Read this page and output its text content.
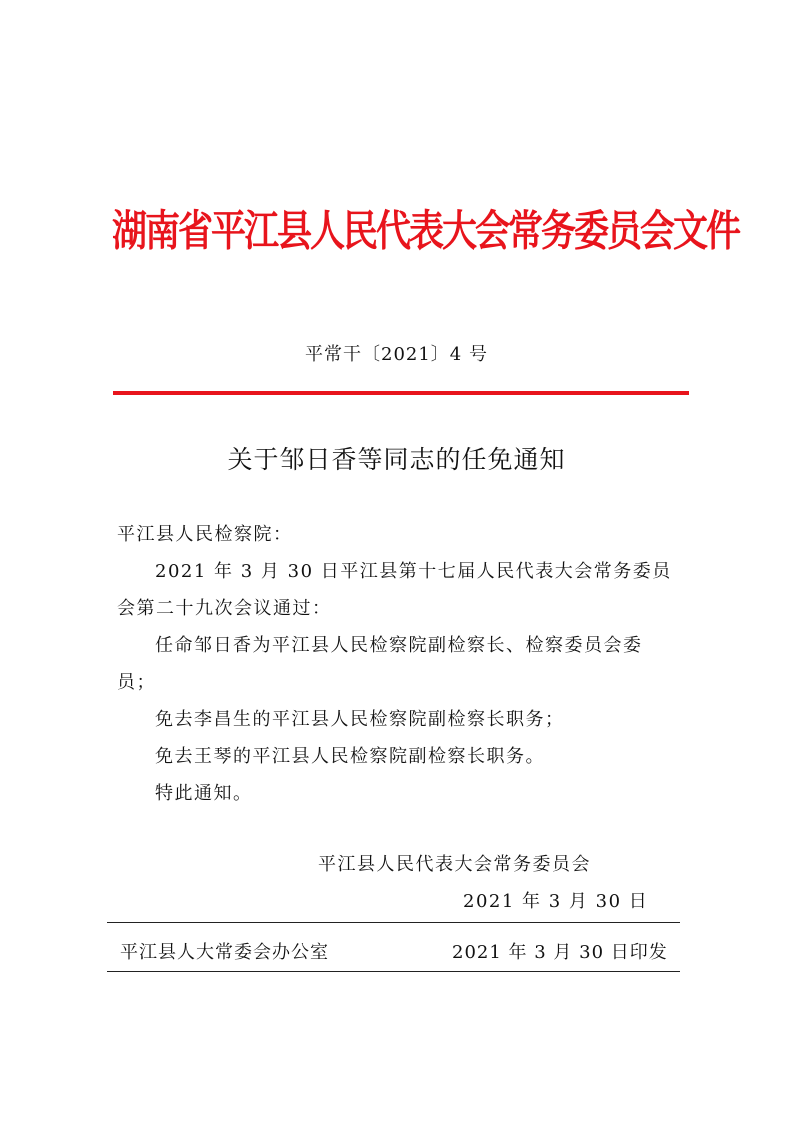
湖南省平江县人民代表大会常务委员会文件
平常干〔2021〕4 号
关于邹日香等同志的任免通知
平江县人民检察院：
2021 年 3 月 30 日平江县第十七届人民代表大会常务委员
会第二十九次会议通过：
任命邹日香为平江县人民检察院副检察长、检察委员会委
员；
免去李昌生的平江县人民检察院副检察长职务；
免去王琴的平江县人民检察院副检察长职务。
特此通知。
平江县人民代表大会常务委员会
2021 年 3 月 30 日
平江县人大常委会办公室	2021 年 3 月 30 日印发
